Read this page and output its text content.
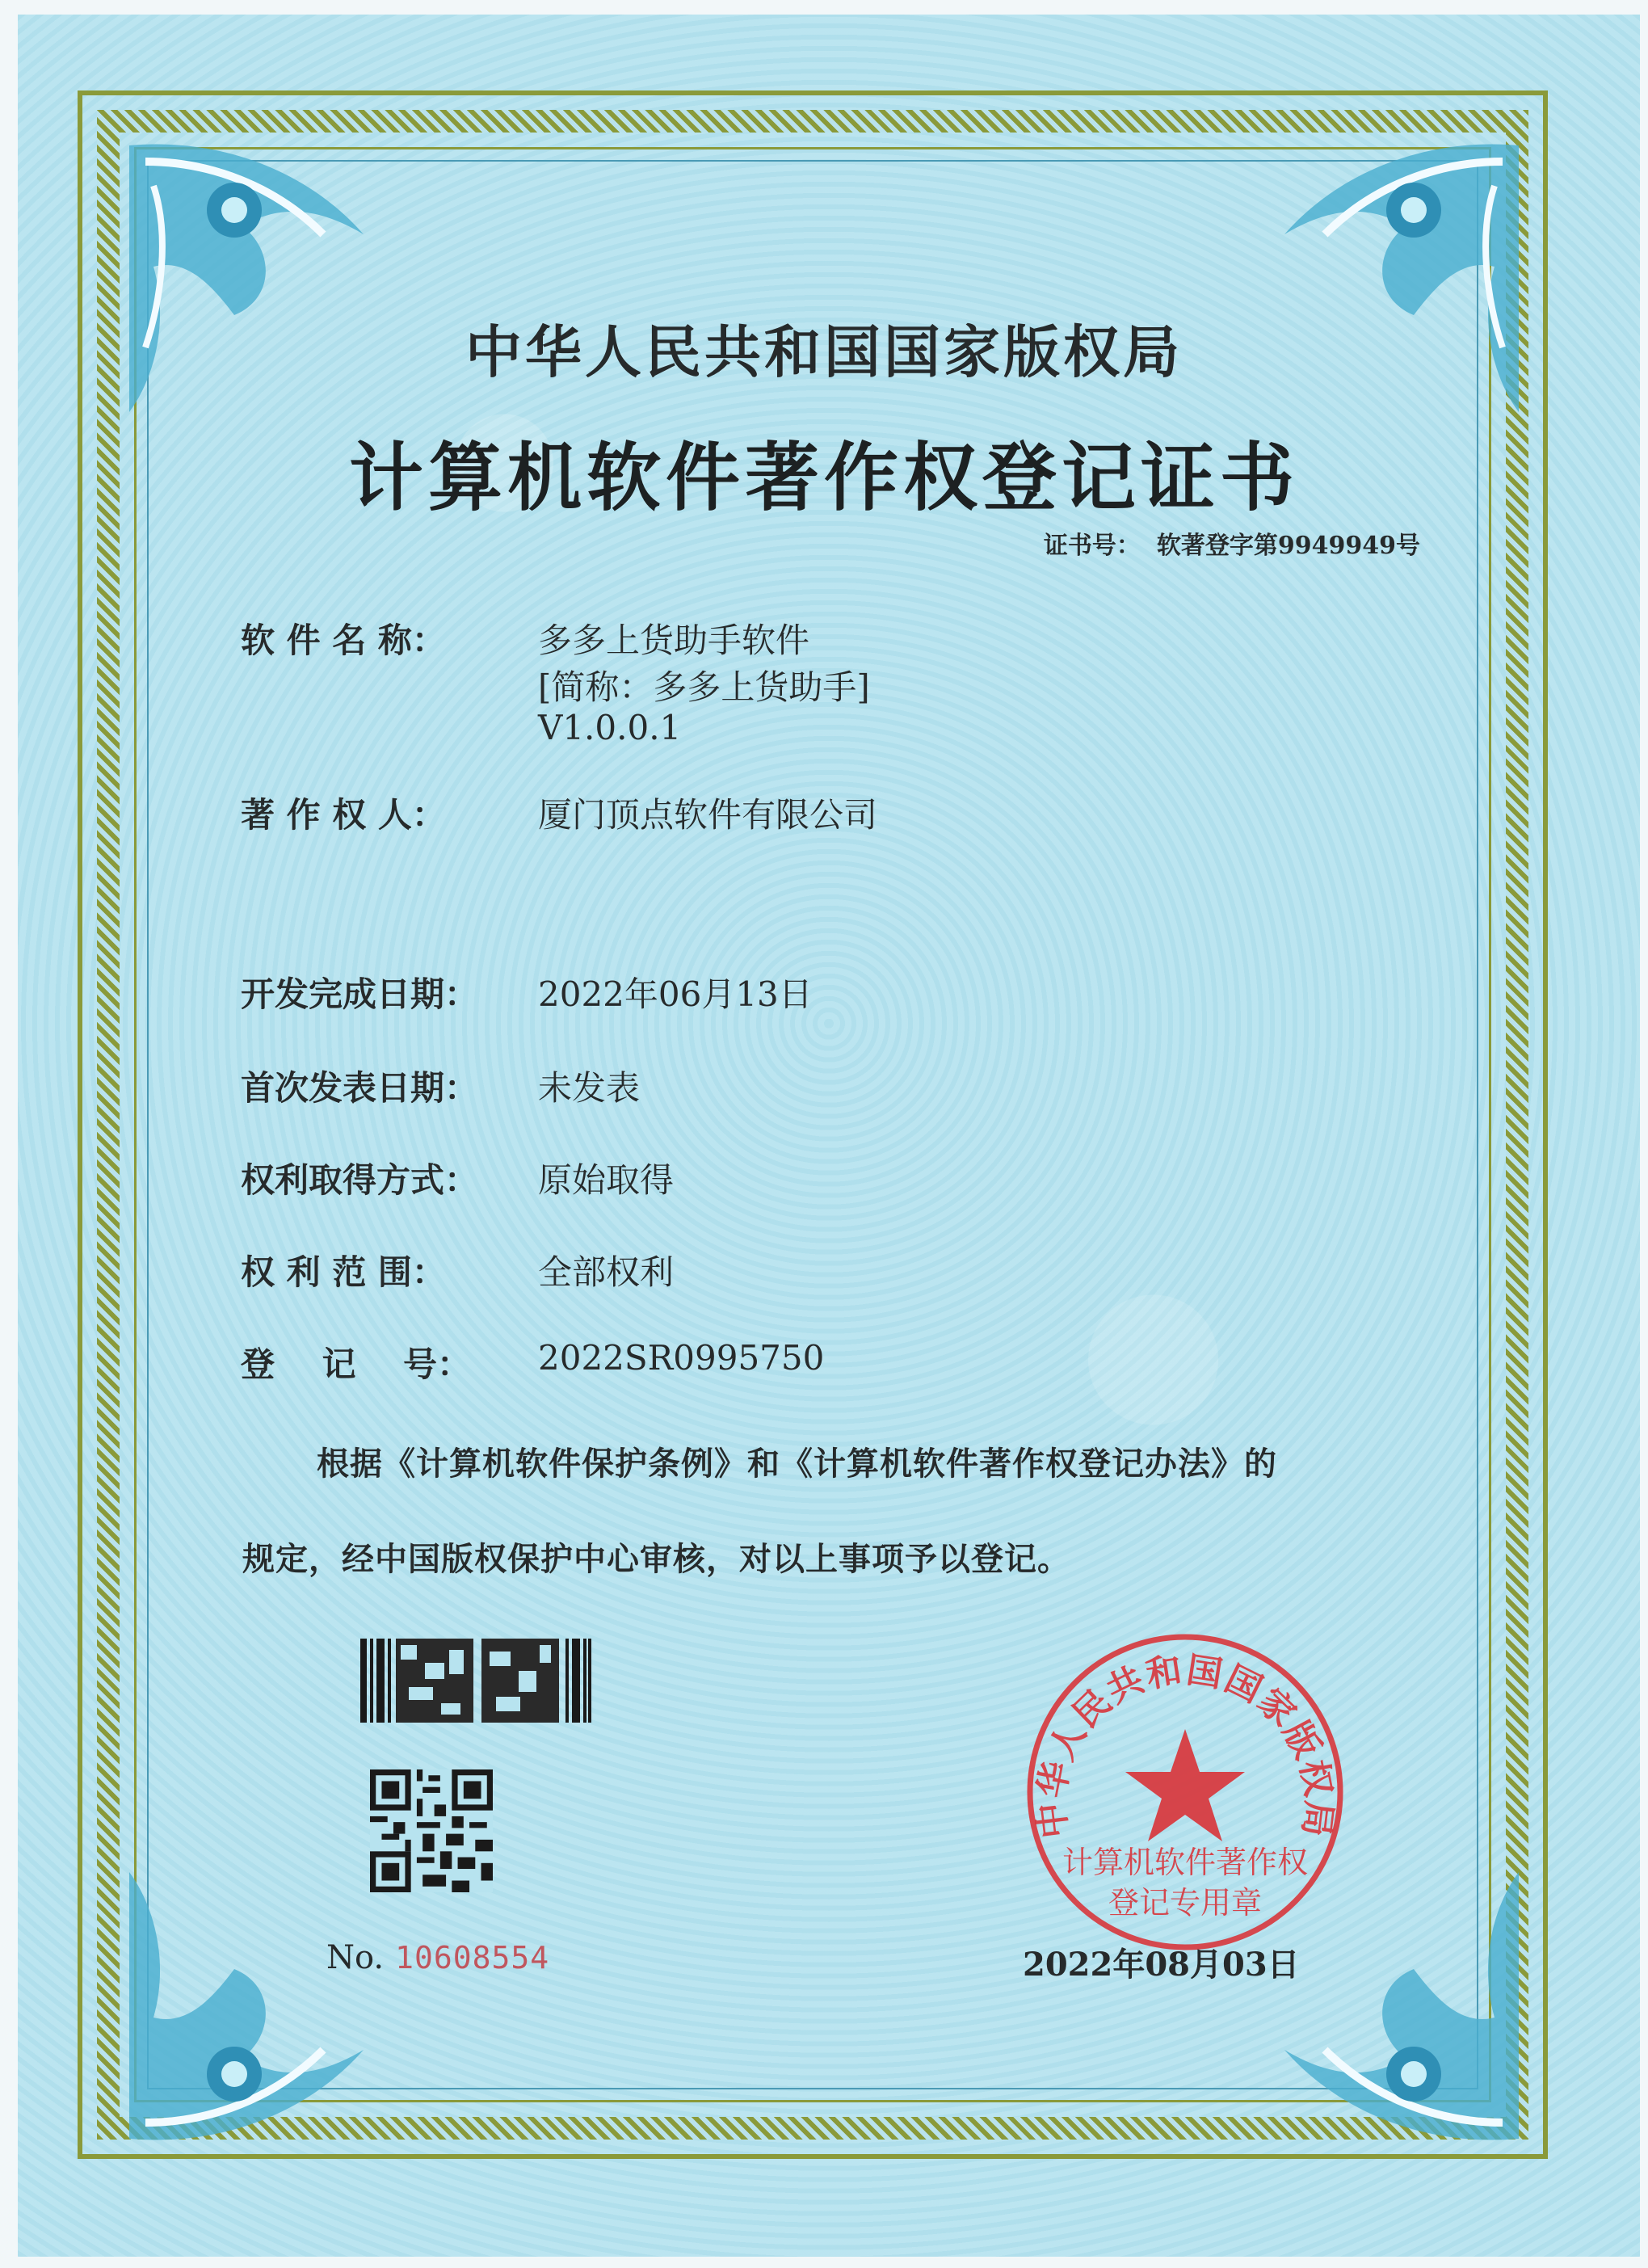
中华人民共和国国家版权局
计算机软件著作权登记证书
证书号： 软著登字第9949949号
软 件 名 称：	多多上货助手软件
[简称：多多上货助手]
V1.0.0.1
著 作 权 人：	厦门顶点软件有限公司
开发完成日期：	2022年06月13日
首次发表日期：	未发表
权利取得方式：	原始取得
权 利 范 围：	全部权利
登    记    号：	2022SR0995750
根据《计算机软件保护条例》和《计算机软件著作权登记办法》的
规定，经中国版权保护中心审核，对以上事项予以登记。
No. 10608554
中华人民共和国国家版权局
计算机软件著作权
登记专用章
2022年08月03日
